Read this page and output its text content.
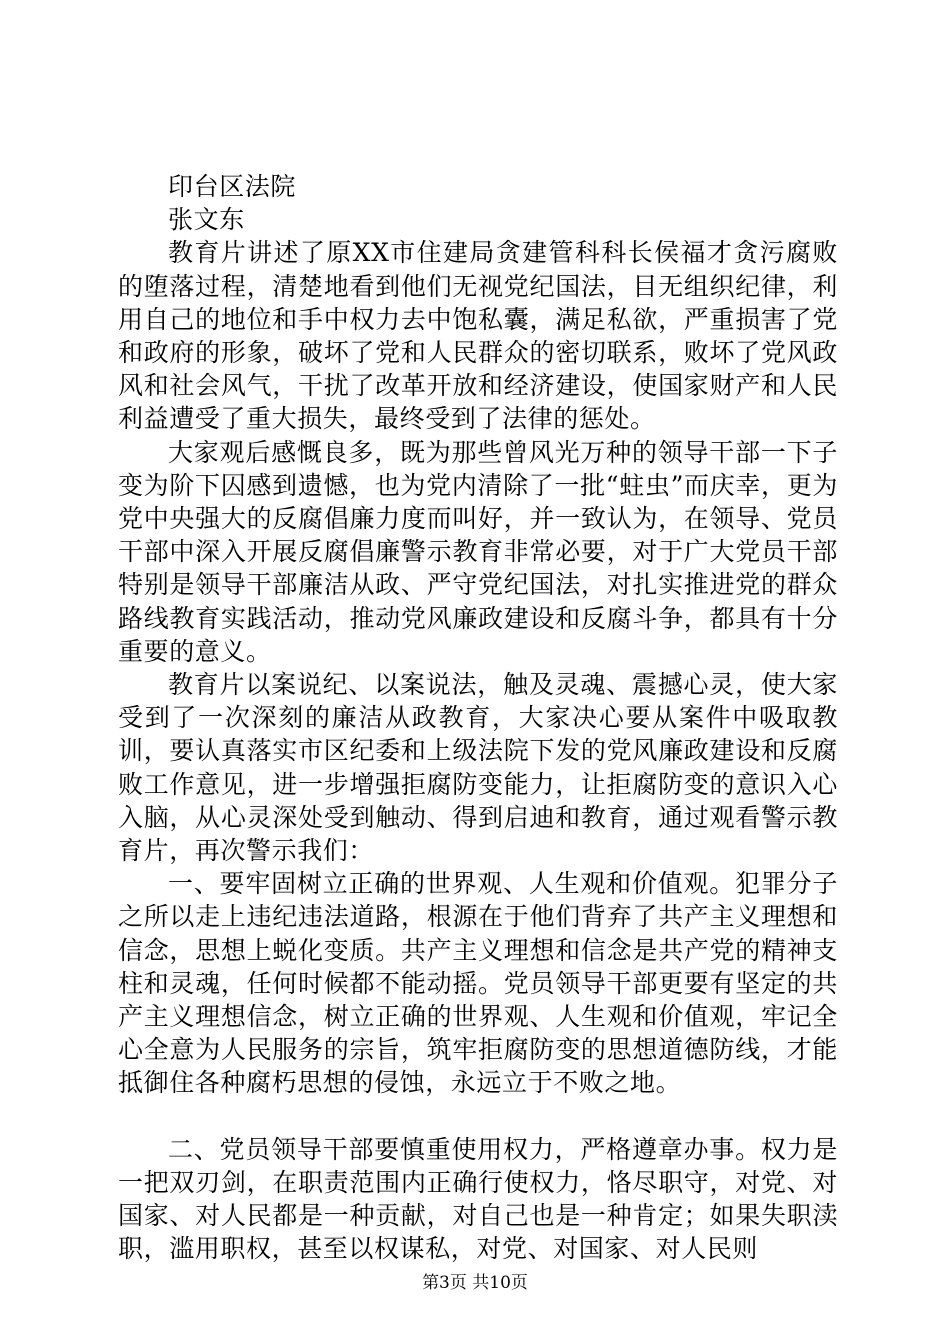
印台区法院

张文东

教育片讲述了原XX市住建局贪建管科科长侯福才贪污腐败的堕落过程，清楚地看到他们无视党纪国法，目无组织纪律，利用自己的地位和手中权力去中饱私囊，满足私欲，严重损害了党和政府的形象，破坏了党和人民群众的密切联系，败坏了党风政风和社会风气，干扰了改革开放和经济建设，使国家财产和人民利益遭受了重大损失，最终受到了法律的惩处。

大家观后感慨良多，既为那些曾风光万种的领导干部一下子变为阶下囚感到遗憾，也为党内清除了一批“蛀虫”而庆幸，更为党中央强大的反腐倡廉力度而叫好，并一致认为，在领导、党员干部中深入开展反腐倡廉警示教育非常必要，对于广大党员干部特别是领导干部廉洁从政、严守党纪国法，对扎实推进党的群众路线教育实践活动，推动党风廉政建设和反腐斗争，都具有十分重要的意义。

教育片以案说纪、以案说法，触及灵魂、震撼心灵，使大家受到了一次深刻的廉洁从政教育，大家决心要从案件中吸取教训，要认真落实市区纪委和上级法院下发的党风廉政建设和反腐败工作意见，进一步增强拒腐防变能力，让拒腐防变的意识入心入脑，从心灵深处受到触动、得到启迪和教育，通过观看警示教育片，再次警示我们：

一、要牢固树立正确的世界观、人生观和价值观。犯罪分子之所以走上违纪违法道路，根源在于他们背弃了共产主义理想和信念，思想上蜕化变质。共产主义理想和信念是共产党的精神支柱和灵魂，任何时候都不能动摇。党员领导干部更要有坚定的共产主义理想信念，树立正确的世界观、人生观和价值观，牢记全心全意为人民服务的宗旨，筑牢拒腐防变的思想道德防线，才能抵御住各种腐朽思想的侵蚀，永远立于不败之地。

二、党员领导干部要慎重使用权力，严格遵章办事。权力是一把双刃剑，在职责范围内正确行使权力，恪尽职守，对党、对国家、对人民都是一种贡献，对自己也是一种肯定；如果失职渎职，滥用职权，甚至以权谋私，对党、对国家、对人民则

第3页 共10页
